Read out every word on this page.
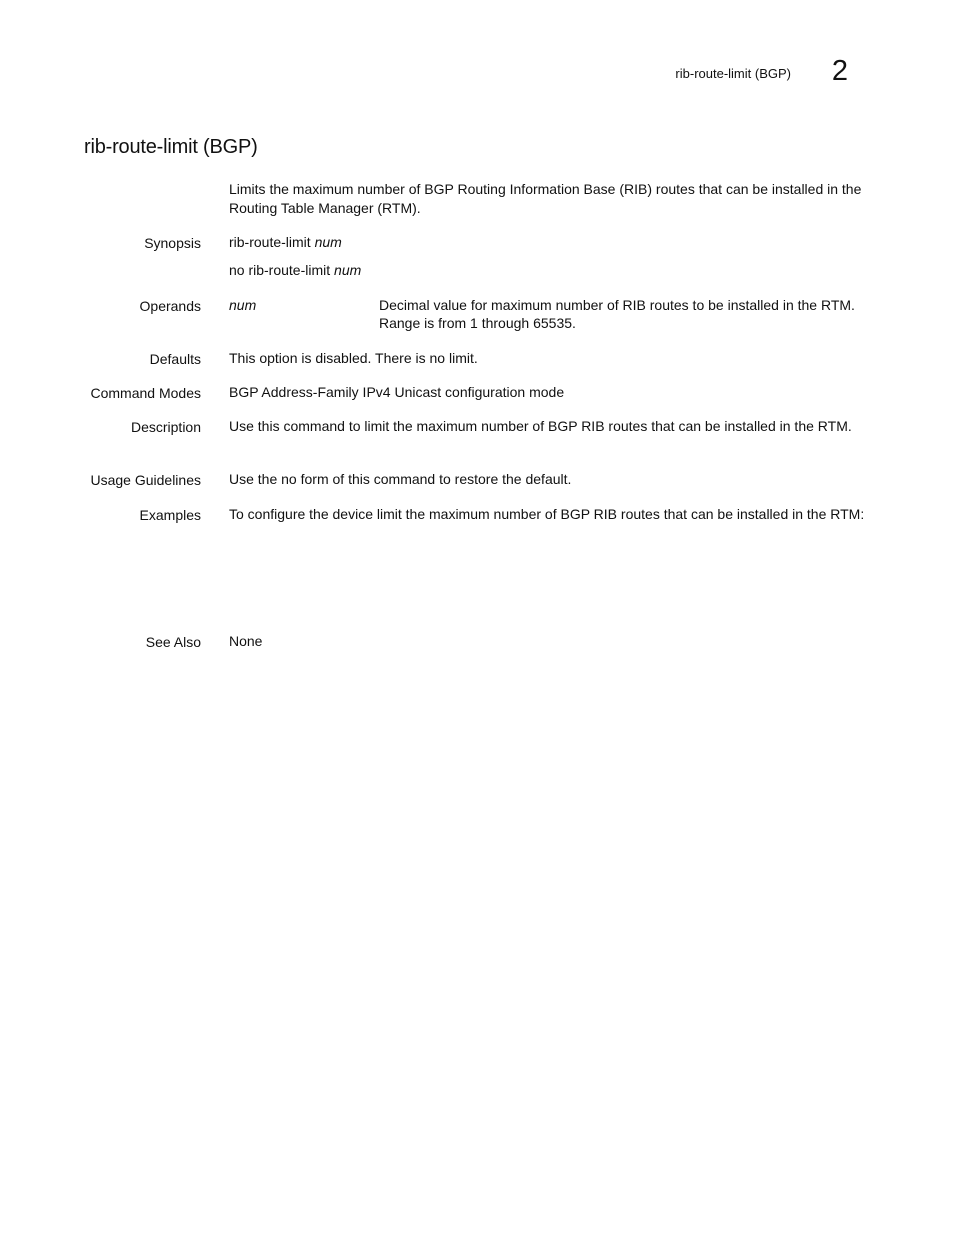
rib-route-limit (BGP)	2
rib-route-limit (BGP)
Limits the maximum number of BGP Routing Information Base (RIB) routes that can be installed in the Routing Table Manager (RTM).
Synopsis rib-route-limit num
no rib-route-limit num
Operands num	Decimal value for maximum number of RIB routes to be installed in the RTM. Range is from 1 through 65535.
Defaults This option is disabled. There is no limit.
Command Modes BGP Address-Family IPv4 Unicast configuration mode
Description Use this command to limit the maximum number of BGP RIB routes that can be installed in the RTM.
Usage Guidelines Use the no form of this command to restore the default.
Examples To configure the device limit the maximum number of BGP RIB routes that can be installed in the RTM:
See Also None
